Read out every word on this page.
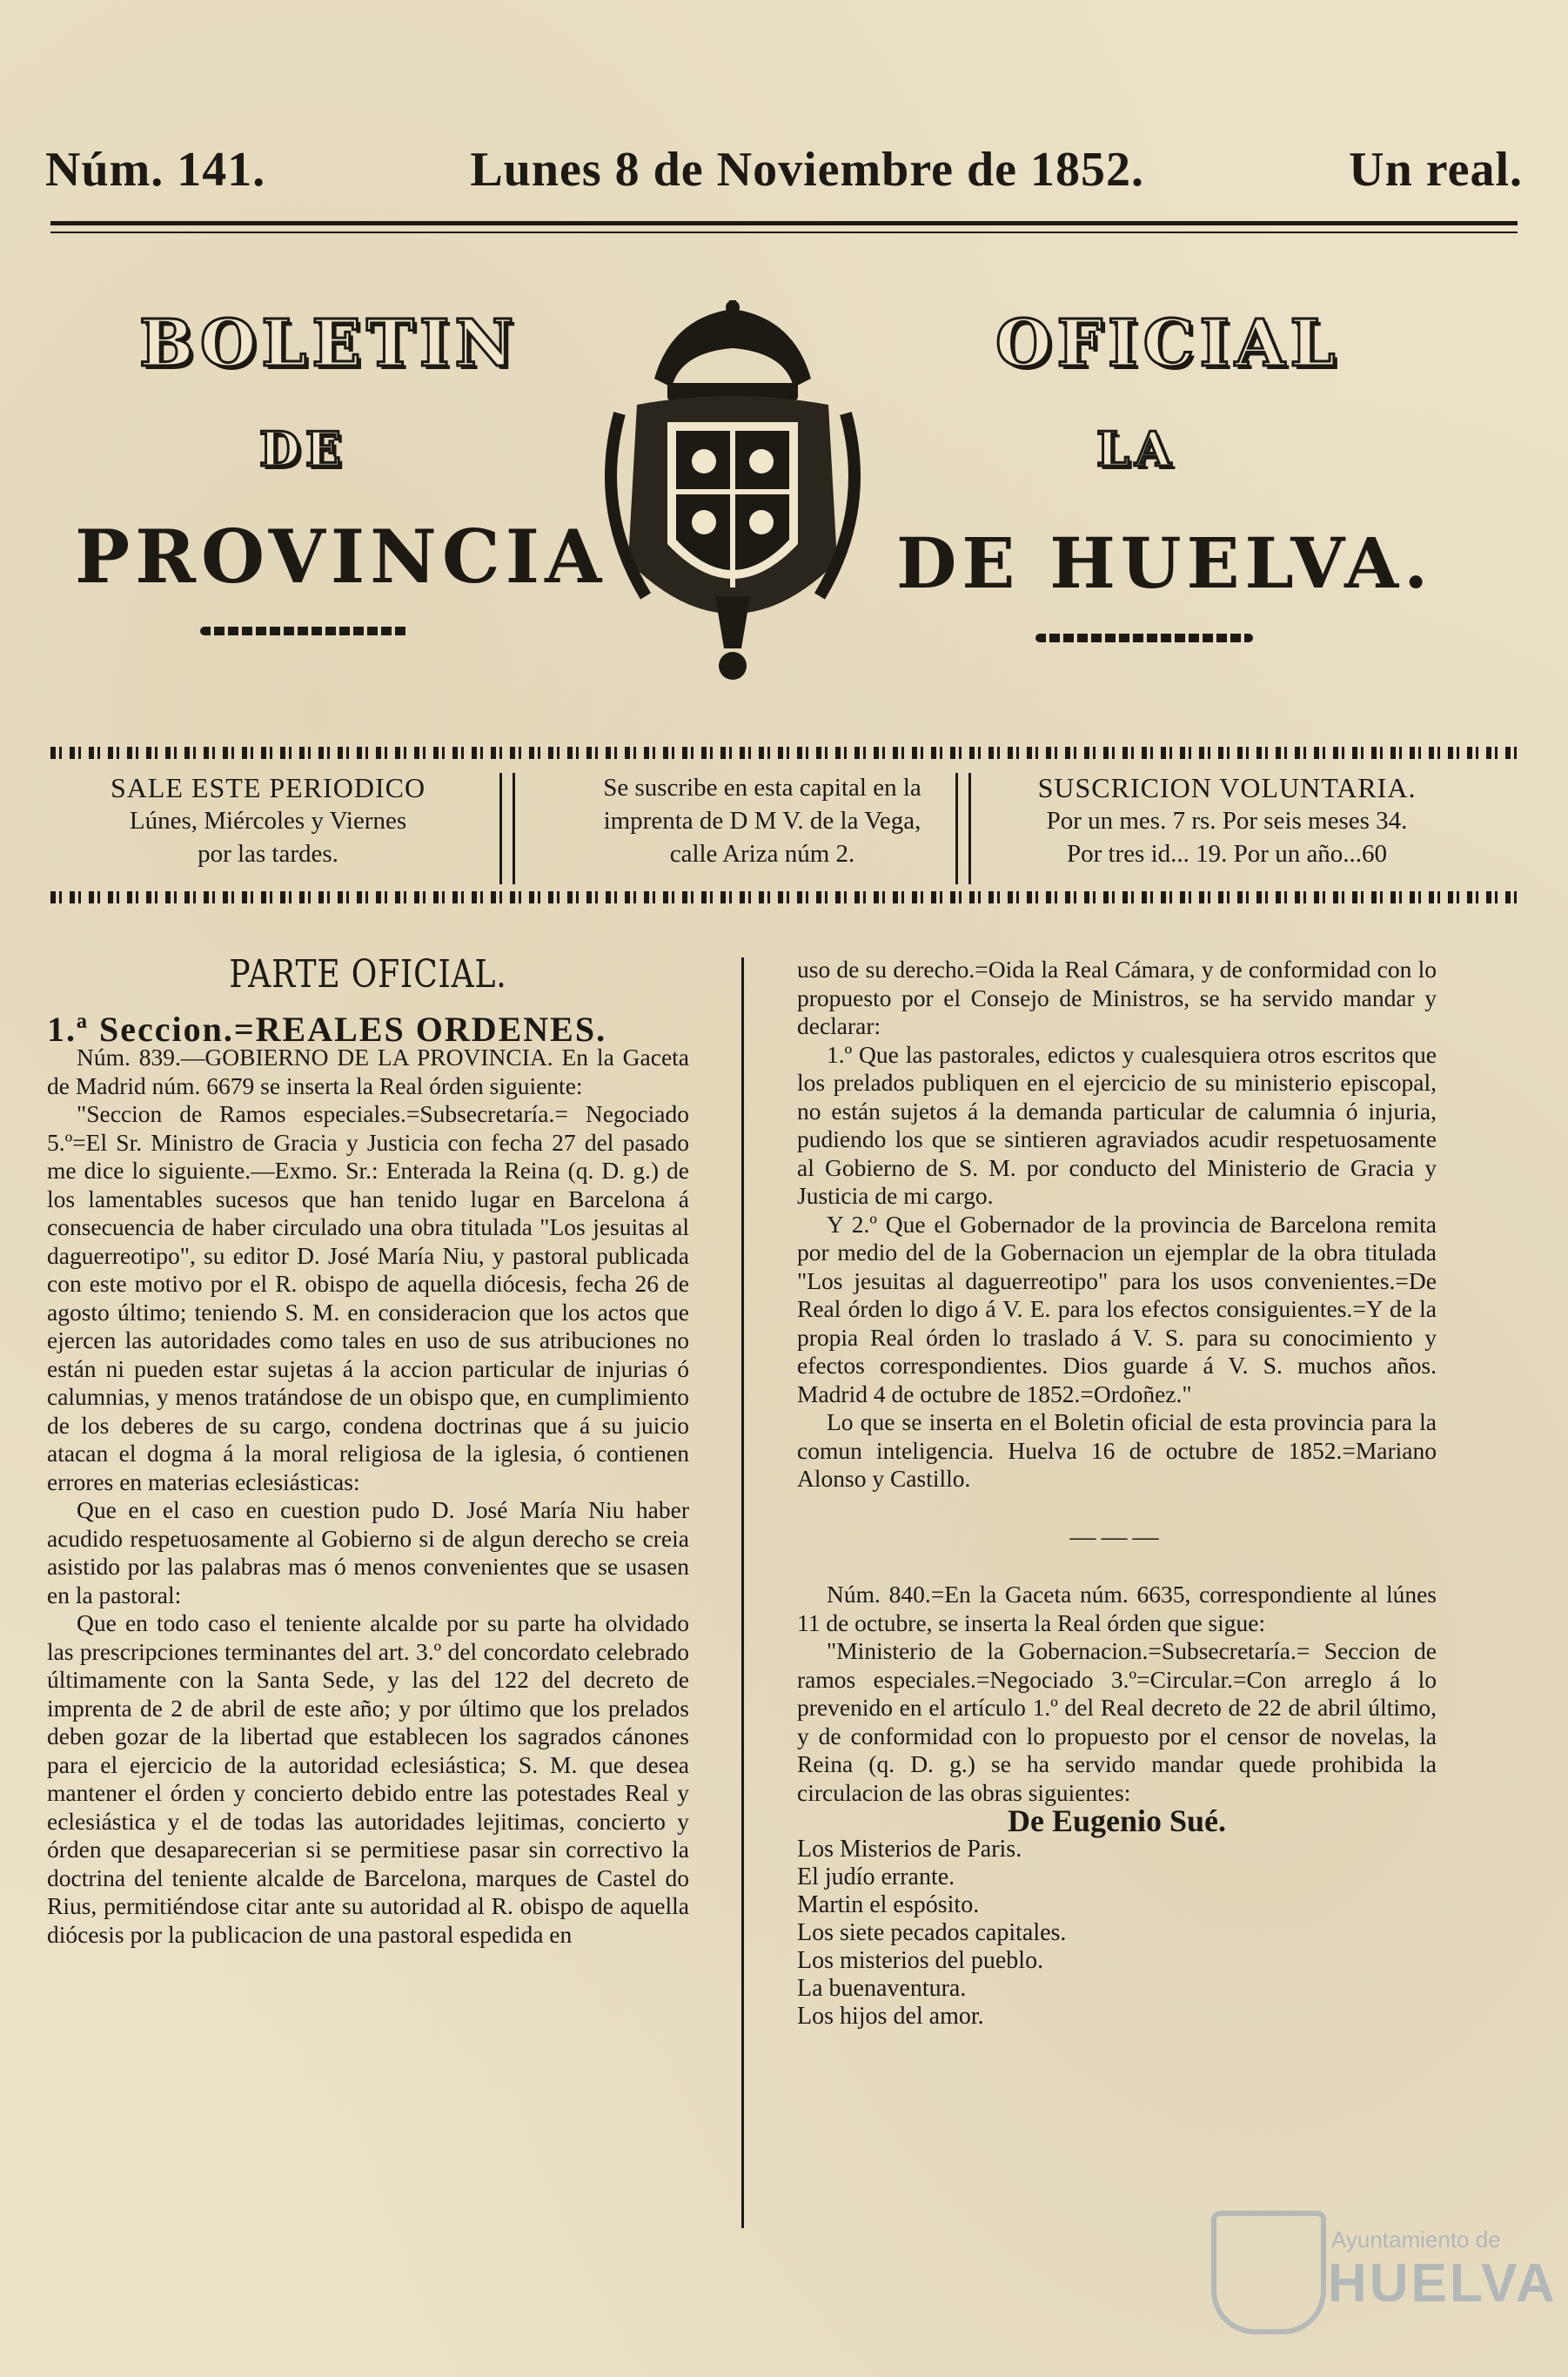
Núm. 141.	Lunes 8 de Noviembre de 1852.	Un real.
BOLETIN	OFICIAL
DE	LA
PROVINCIA	DE HUELVA.
SALE ESTE PERIODICO
Lúnes, Miércoles y Viernes
por las tardes.
Se suscribe en esta capital en la
imprenta de D M V. de la Vega,
calle Ariza núm 2.
SUSCRICION VOLUNTARIA.
Por un mes. 7 rs. Por seis meses 34.
Por tres id... 19. Por un año...60
PARTE OFICIAL.

1.ª Seccion.=REALES ORDENES.

Núm. 839.—GOBIERNO DE LA PROVINCIA. En la Gaceta de Madrid núm. 6679 se inserta la Real órden siguiente:

"Seccion de Ramos especiales.=Subsecretaría.= Negociado 5.º=El Sr. Ministro de Gracia y Justicia con fecha 27 del pasado me dice lo siguiente.—Exmo. Sr.: Enterada la Reina (q. D. g.) de los lamentables sucesos que han tenido lugar en Barcelona á consecuencia de haber circulado una obra titulada "Los jesuitas al daguerreotipo", su editor D. José María Niu, y pastoral publicada con este motivo por el R. obispo de aquella diócesis, fecha 26 de agosto último; teniendo S. M. en consideracion que los actos que ejercen las autoridades como tales en uso de sus atribuciones no están ni pueden estar sujetas á la accion particular de injurias ó calumnias, y menos tratándose de un obispo que, en cumplimiento de los deberes de su cargo, condena doctrinas que á su juicio atacan el dogma á la moral religiosa de la iglesia, ó contienen errores en materias eclesiásticas:

Que en el caso en cuestion pudo D. José María Niu haber acudido respetuosamente al Gobierno si de algun derecho se creia asistido por las palabras mas ó menos convenientes que se usasen en la pastoral:

Que en todo caso el teniente alcalde por su parte ha olvidado las prescripciones terminantes del art. 3.º del concordato celebrado últimamente con la Santa Sede, y las del 122 del decreto de imprenta de 2 de abril de este año; y por último que los prelados deben gozar de la libertad que establecen los sagrados cánones para el ejercicio de la autoridad eclesiástica; S. M. que desea mantener el órden y concierto debido entre las potestades Real y eclesiástica y el de todas las autoridades lejitimas, concierto y órden que desaparecerian si se permitiese pasar sin correctivo la doctrina del teniente alcalde de Barcelona, marques de Castel do Rius, permitiéndose citar ante su autoridad al R. obispo de aquella diócesis por la publicacion de una pastoral espedida en

uso de su derecho.=Oida la Real Cámara, y de conformidad con lo propuesto por el Consejo de Ministros, se ha servido mandar y declarar:

1.º Que las pastorales, edictos y cualesquiera otros escritos que los prelados publiquen en el ejercicio de su ministerio episcopal, no están sujetos á la demanda particular de calumnia ó injuria, pudiendo los que se sintieren agraviados acudir respetuosamente al Gobierno de S. M. por conducto del Ministerio de Gracia y Justicia de mi cargo.

Y 2.º Que el Gobernador de la provincia de Barcelona remita por medio del de la Gobernacion un ejemplar de la obra titulada "Los jesuitas al daguerreotipo" para los usos convenientes.=De Real órden lo digo á V. E. para los efectos consiguientes.=Y de la propia Real órden lo traslado á V. S. para su conocimiento y efectos correspondientes. Dios guarde á V. S. muchos años. Madrid 4 de octubre de 1852.=Ordoñez."

Lo que se inserta en el Boletin oficial de esta provincia para la comun inteligencia. Huelva 16 de octubre de 1852.=Mariano Alonso y Castillo.

———

Núm. 840.=En la Gaceta núm. 6635, correspondiente al lúnes 11 de octubre, se inserta la Real órden que sigue:

"Ministerio de la Gobernacion.=Subsecretaría.= Seccion de ramos especiales.=Negociado 3.º=Circular.=Con arreglo á lo prevenido en el artículo 1.º del Real decreto de 22 de abril último, y de conformidad con lo propuesto por el censor de novelas, la Reina (q. D. g.) se ha servido mandar quede prohibida la circulacion de las obras siguientes:

De Eugenio Sué.

Los Misterios de Paris.

El judío errante.

Martin el espósito.

Los siete pecados capitales.

Los misterios del pueblo.

La buenaventura.

Los hijos del amor.

Ayuntamiento de
HUELVA
